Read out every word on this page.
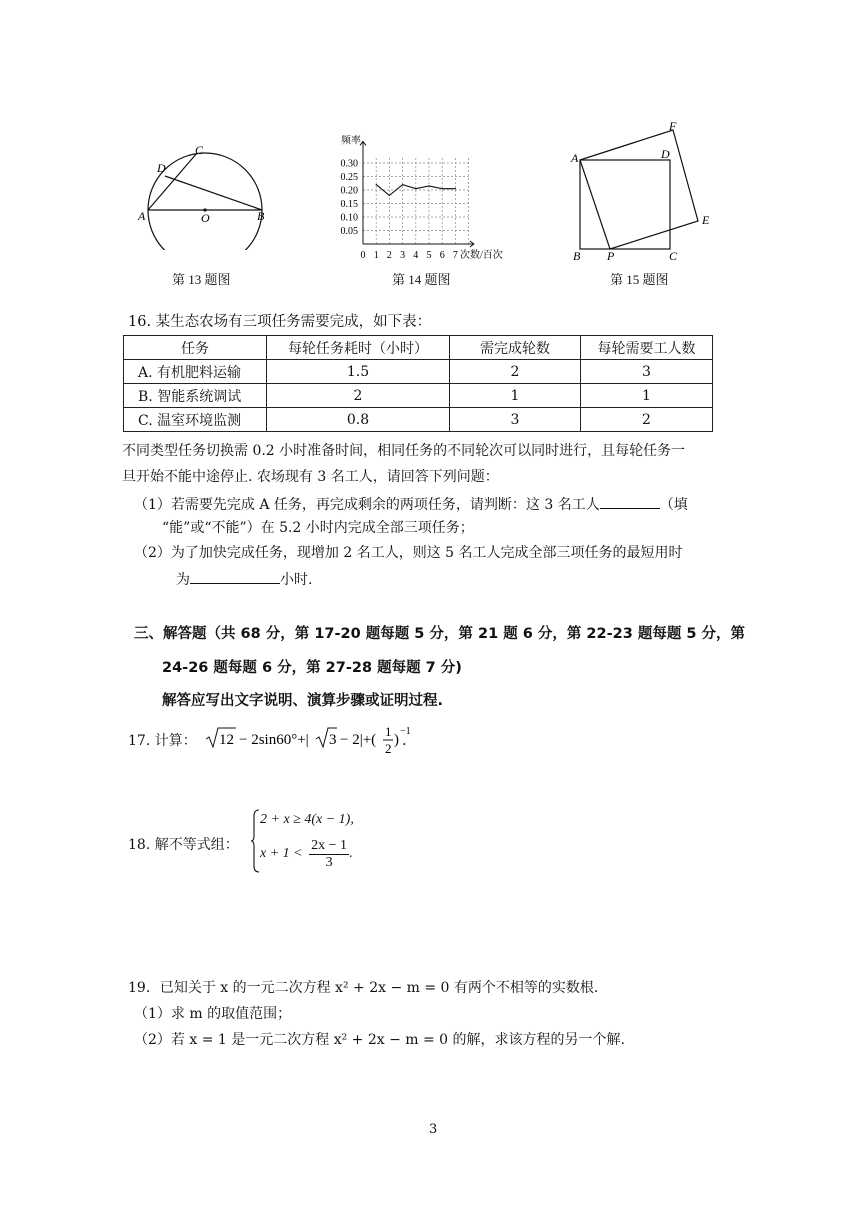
C
D
A	O	B
第 13 题图
0.30
0.25
0.20
0.15
0.10
0.05
0 1 2 3 4 5 6 7
频率
次数/百次
第 14 题图
A	D
F
E
B P	C
第 15 题图
16. 某生态农场有三项任务需要完成，如下表：
任务	每轮任务耗时（小时）	需完成轮数	每轮需要工人数
A. 有机肥料运输	1.5	2	3
B. 智能系统调试	2	1	1
C. 温室环境监测	0.8	3	2
不同类型任务切换需 0.2 小时准备时间，相同任务的不同轮次可以同时进行，且每轮任务一
旦开始不能中途停止. 农场现有 3 名工人，请回答下列问题：
（1）若需要先完成 A 任务，再完成剩余的两项任务，请判断：这 3 名工人	（填
“能”或“不能”）在 5.2 小时内完成全部三项任务；
（2）为了加快完成任务，现增加 2 名工人，则这 5 名工人完成全部三项任务的最短用时
为	小时.
三、解答题（共 68 分，第 17-20 题每题 5 分，第 21 题 6 分，第 22-23 题每题 5 分，第
24-26 题每题 6 分，第 27-28 题每题 7 分)
解答应写出文字说明、演算步骤或证明过程.
17. 计算： 12 − 2sin60°+| 3 − 2|+(
1
2
)
−1
.
18. 解不等式组：
2 + x ≥ 4(x − 1),
$x + 1 < \frac{2x - 1}{3}$ .
19．已知关于 x 的一元二次方程 x² + 2x − m = 0 有两个不相等的实数根.
（1）求 m 的取值范围；
（2）若 x = 1 是一元二次方程 x² + 2x − m = 0 的解，求该方程的另一个解.
3
